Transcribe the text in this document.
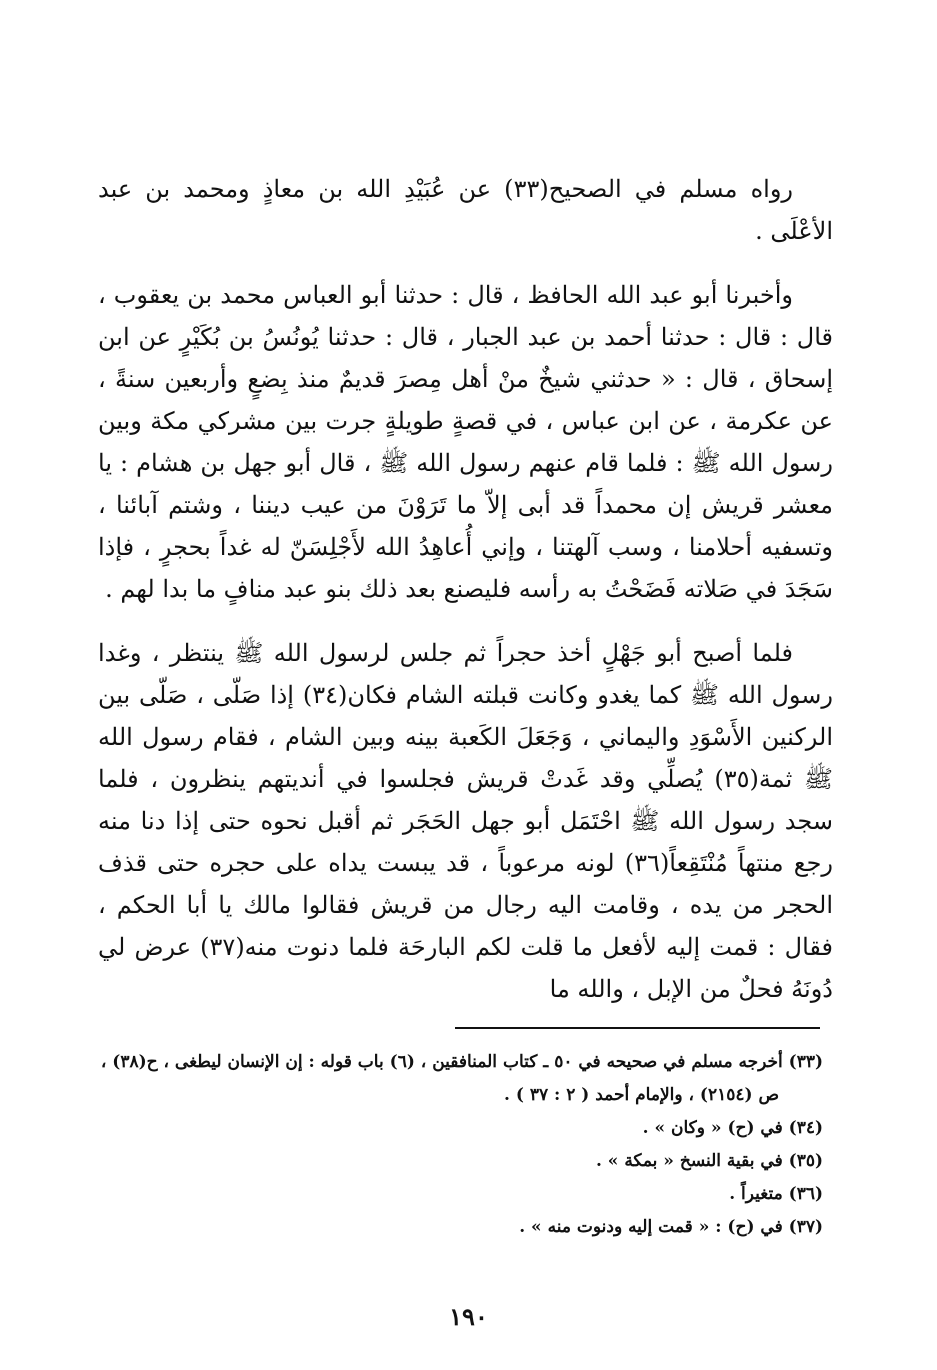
رواه مسلم في الصحيح(٣٣) عن عُبَيْدِ الله بن معاذٍ ومحمد بن عبد الأعْلَى .

وأخبرنا أبو عبد الله الحافظ ، قال : حدثنا أبو العباس محمد بن يعقوب ، قال : قال : حدثنا أحمد بن عبد الجبار ، قال : حدثنا يُونُسُ بن بُكَيْرٍ عن ابن إسحاق ، قال : « حدثني شيخٌ منْ أهل مِصرَ قديمٌ منذ بِضعٍ وأربعين سنةً ، عن عكرمة ، عن ابن عباس ، في قصةٍ طويلةٍ جرت بين مشركي مكة وبين رسول الله ﷺ : فلما قام عنهم رسول الله ﷺ ، قال أبو جهل بن هشام : يا معشر قريش إن محمداً قد أبى إلاّ ما تَرَوْنَ من عيب ديننا ، وشتم آبائنا ، وتسفيه أحلامنا ، وسب آلهتنا ، وإني أُعاهِدُ الله لأَجْلِسَنّ له غداً بحجرٍ ، فإذا سَجَدَ في صَلاته فَضَحْتُ به رأسه فليصنع بعد ذلك بنو عبد منافٍ ما بدا لهم .

فلما أصبح أبو جَهْلٍ أخذ حجراً ثم جلس لرسول الله ﷺ ينتظر ، وغدا رسول الله ﷺ كما يغدو وكانت قبلته الشام فكان(٣٤) إذا صَلّى ، صَلّى بين الركنين الأَسْوَدِ واليماني ، وَجَعَلَ الكَعبة بينه وبين الشام ، فقام رسول الله ﷺ ثمة(٣٥) يُصلِّي وقد غَدتْ قريش فجلسوا في أنديتهم ينظرون ، فلما سجد رسول الله ﷺ احْتَمَل أبو جهل الحَجَر ثم أقبل نحوه حتى إذا دنا منه رجع منتهاً مُنْتَقِعاً(٣٦) لونه مرعوباً ، قد يبست يداه على حجره حتى قذف الحجر من يده ، وقامت اليه رجال من قريش فقالوا مالك يا أبا الحكم ، فقال : قمت إليه لأفعل ما قلت لكم البارحَة فلما دنوت منه(٣٧) عرض لي دُونَهُ فحلٌ من الإبل ، والله ما

(٣٣) أخرجه مسلم في صحيحه في ٥٠ ـ كتاب المنافقين ، (٦) باب قوله : إن الإنسان ليطغى ، ح(٣٨) ،

ص (٢١٥٤) ، والإمام أحمد ( ٢ : ٣٧ ) .

(٣٤) في (ح) « وكان » .

(٣٥) في بقية النسخ « بمكة » .

(٣٦) متغيراً .

(٣٧) في (ح) : « قمت إليه ودنوت منه » .

١٩٠
